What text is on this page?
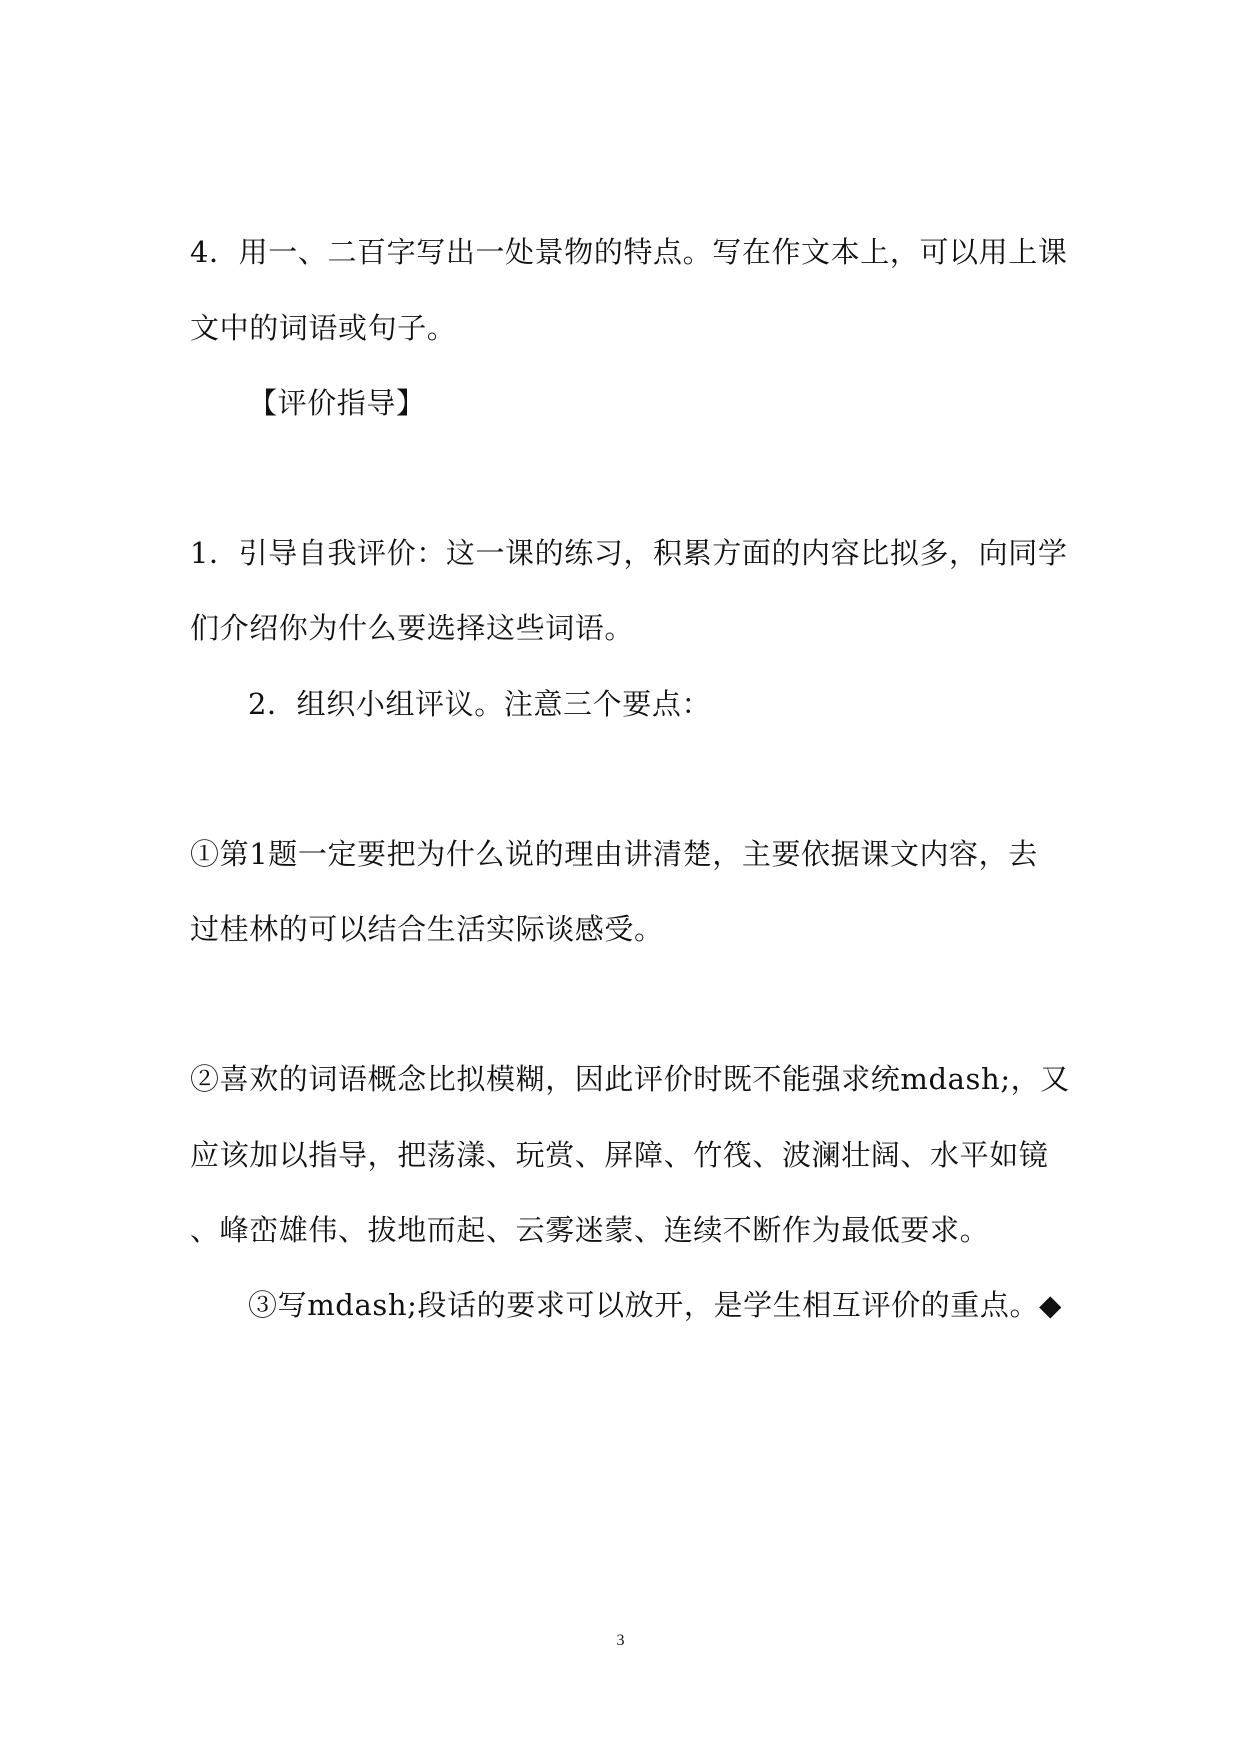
4．用一、二百字写出一处景物的特点。写在作文本上，可以用上课
文中的词语或句子。
【评价指导】
1．引导自我评价：这一课的练习，积累方面的内容比拟多，向同学
们介绍你为什么要选择这些词语。
2．组织小组评议。注意三个要点：
①第1题一定要把为什么说的理由讲清楚，主要依据课文内容，去
过桂林的可以结合生活实际谈感受。
②喜欢的词语概念比拟模糊，因此评价时既不能强求统mdash;，又
应该加以指导，把荡漾、玩赏、屏障、竹筏、波澜壮阔、水平如镜
、峰峦雄伟、拔地而起、云雾迷蒙、连续不断作为最低要求。
③写mdash;段话的要求可以放开，是学生相互评价的重点。◆
3
